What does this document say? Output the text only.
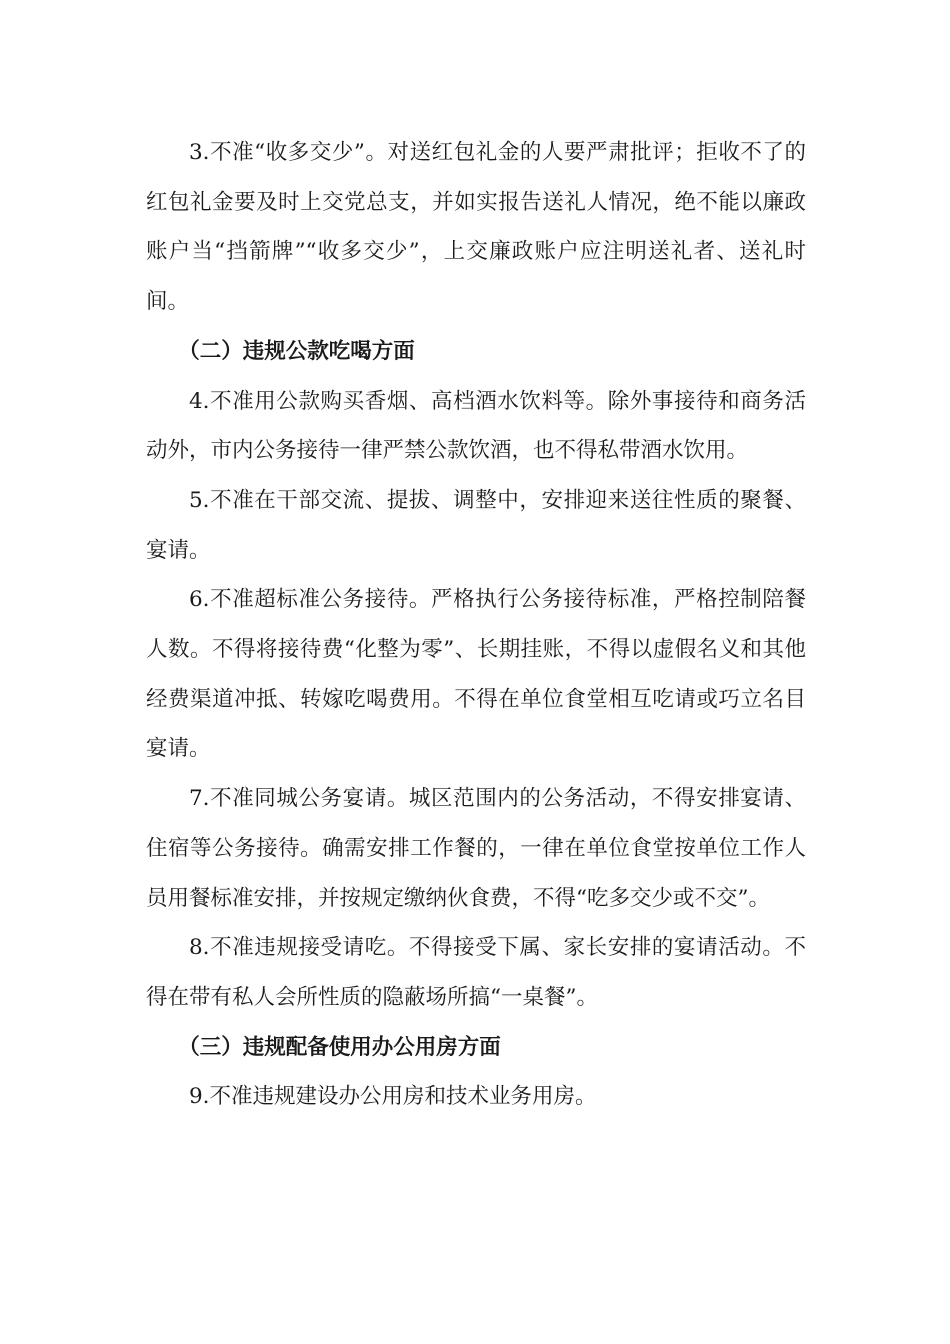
3.不准“收多交少”。对送红包礼金的人要严肃批评；拒收不了的红包礼金要及时上交党总支，并如实报告送礼人情况，绝不能以廉政账户当“挡箭牌”“收多交少”，上交廉政账户应注明送礼者、送礼时间。

（二）违规公款吃喝方面

4.不准用公款购买香烟、高档酒水饮料等。除外事接待和商务活动外，市内公务接待一律严禁公款饮酒，也不得私带酒水饮用。

5.不准在干部交流、提拔、调整中，安排迎来送往性质的聚餐、宴请。

6.不准超标准公务接待。严格执行公务接待标准，严格控制陪餐人数。不得将接待费“化整为零”、长期挂账，不得以虚假名义和其他经费渠道冲抵、转嫁吃喝费用。不得在单位食堂相互吃请或巧立名目宴请。

7.不准同城公务宴请。城区范围内的公务活动，不得安排宴请、住宿等公务接待。确需安排工作餐的，一律在单位食堂按单位工作人员用餐标准安排，并按规定缴纳伙食费，不得“吃多交少或不交”。

8.不准违规接受请吃。不得接受下属、家长安排的宴请活动。不得在带有私人会所性质的隐蔽场所搞“一桌餐”。

（三）违规配备使用办公用房方面

9.不准违规建设办公用房和技术业务用房。
